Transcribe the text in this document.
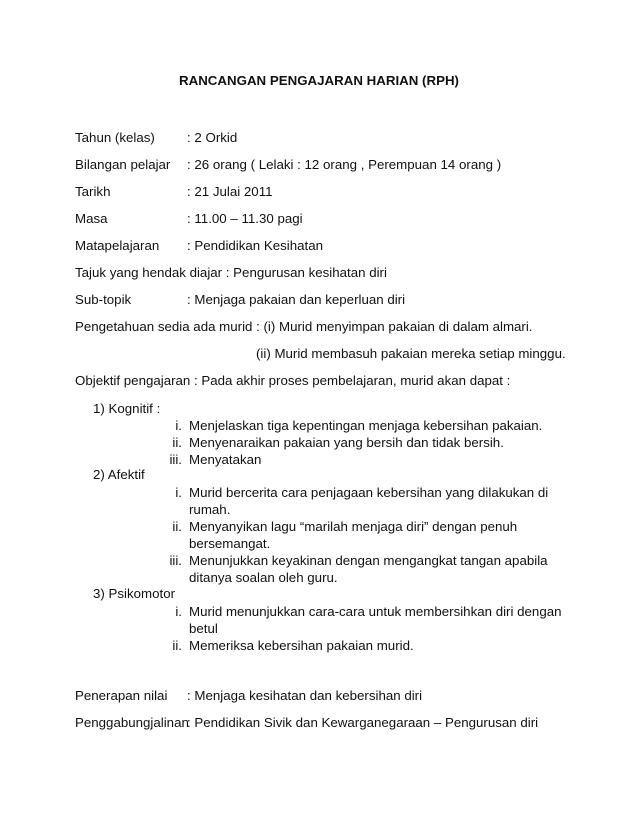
RANCANGAN PENGAJARAN HARIAN (RPH)
Tahun (kelas) : 2 Orkid
Bilangan pelajar : 26 orang ( Lelaki : 12 orang , Perempuan 14 orang )
Tarikh	: 21 Julai 2011
Masa	: 11.00 – 11.30 pagi
Matapelajaran : Pendidikan Kesihatan
Tajuk yang hendak diajar : Pengurusan kesihatan diri
Sub-topik	: Menjaga pakaian dan keperluan diri
Pengetahuan sedia ada murid : (i) Murid menyimpan pakaian di dalam almari.
(ii) Murid membasuh pakaian mereka setiap minggu.
Objektif pengajaran : Pada akhir proses pembelajaran, murid akan dapat :
1) Kognitif :
i. Menjelaskan tiga kepentingan menjaga kebersihan pakaian.
ii. Menyenaraikan pakaian yang bersih dan tidak bersih.
iii. Menyatakan
2) Afektif
i. Murid bercerita cara penjagaan kebersihan yang dilakukan di
rumah.
ii. Menyanyikan lagu “marilah menjaga diri” dengan penuh
bersemangat.
iii. Menunjukkan keyakinan dengan mengangkat tangan apabila
ditanya soalan oleh guru.
3) Psikomotor
i. Murid menunjukkan cara-cara untuk membersihkan diri dengan
betul
ii. Memeriksa kebersihan pakaian murid.
Penerapan nilai : Menjaga kesihatan dan kebersihan diri
Penggabungjalinan
: Pendidikan Sivik dan Kewarganegaraan – Pengurusan diri
